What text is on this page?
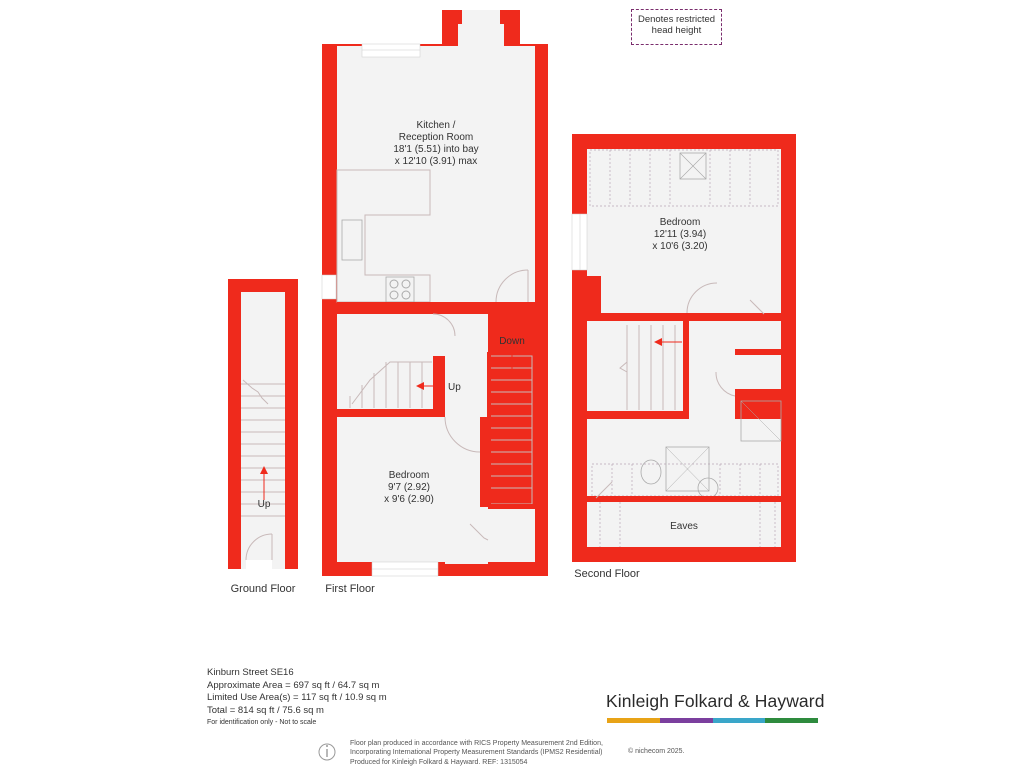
Up
Ground Floor
Up
Down
Kitchen /
Reception Room
18'1 (5.51) into bay
x 12'10 (3.91) max
Bedroom
9'7 (2.92)
x 9'6 (2.90)
First Floor
Eaves
Bedroom
12'11 (3.94)
x 10'6 (3.20)
Second Floor
Denotes restricted
head height
Kinburn Street SE16
Approximate Area = 697 sq ft / 64.7 sq m
Limited Use Area(s) = 117 sq ft / 10.9 sq m
Total = 814 sq ft / 75.6 sq m
For identification only - Not to scale
Kinleigh Folkard & Hayward
Floor plan produced in accordance with RICS Property Measurement 2nd Edition,
Incorporating International Property Measurement Standards (IPMS2 Residential)
Produced for Kinleigh Folkard & Hayward. REF: 1315054
© nichecom 2025.
